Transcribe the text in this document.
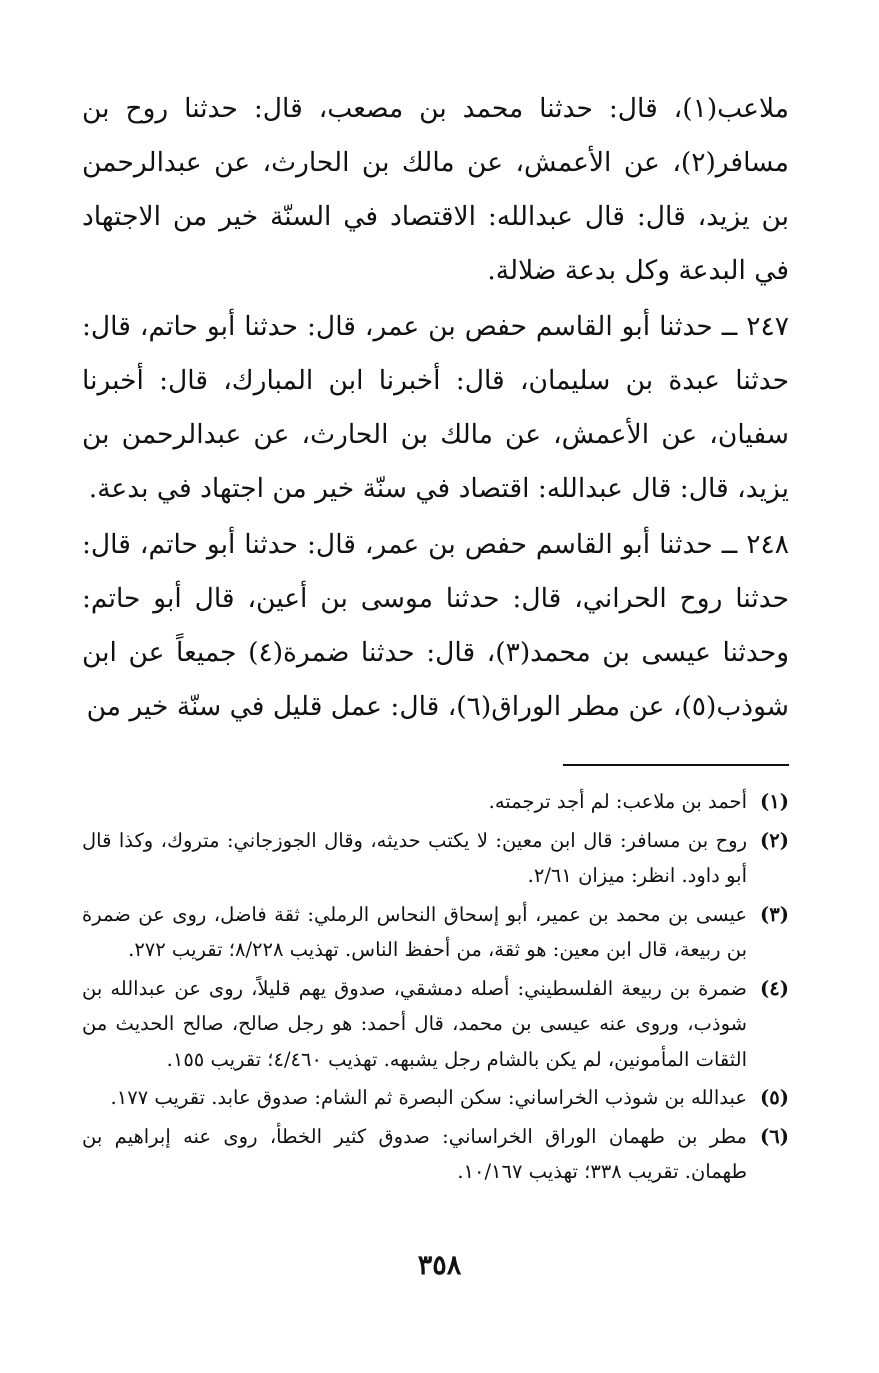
ملاعب(١)، قال: حدثنا محمد بن مصعب، قال: حدثنا روح بن مسافر(٢)، عن الأعمش، عن مالك بن الحارث، عن عبدالرحمن بن يزيد، قال: قال عبدالله: الاقتصاد في السنّة خير من الاجتهاد في البدعة وكل بدعة ضلالة.

٢٤٧ ــ حدثنا أبو القاسم حفص بن عمر، قال: حدثنا أبو حاتم، قال: حدثنا عبدة بن سليمان، قال: أخبرنا ابن المبارك، قال: أخبرنا سفيان، عن الأعمش، عن مالك بن الحارث، عن عبدالرحمن بن يزيد، قال: قال عبدالله: اقتصاد في سنّة خير من اجتهاد في بدعة.

٢٤٨ ــ حدثنا أبو القاسم حفص بن عمر، قال: حدثنا أبو حاتم، قال: حدثنا روح الحراني، قال: حدثنا موسى بن أعين، قال أبو حاتم: وحدثنا عيسى بن محمد(٣)، قال: حدثنا ضمرة(٤) جميعاً عن ابن شوذب(٥)، عن مطر الوراق(٦)، قال: عمل قليل في سنّة خير من

(١)
أحمد بن ملاعب: لم أجد ترجمته.
(٢)
روح بن مسافر: قال ابن معين: لا يكتب حديثه، وقال الجوزجاني: متروك، وكذا قال أبو داود. انظر: ميزان ٢/٦١.
(٣)
عيسى بن محمد بن عمير، أبو إسحاق النحاس الرملي: ثقة فاضل، روى عن ضمرة بن ربيعة، قال ابن معين: هو ثقة، من أحفظ الناس. تهذيب ٨/٢٢٨؛ تقريب ٢٧٢.
(٤)
ضمرة بن ربيعة الفلسطيني: أصله دمشقي، صدوق يهم قليلاً، روى عن عبدالله بن شوذب، وروى عنه عيسى بن محمد، قال أحمد: هو رجل صالح، صالح الحديث من الثقات المأمونين، لم يكن بالشام رجل يشبهه. تهذيب ٤/٤٦٠؛ تقريب ١٥٥.
(٥)
عبدالله بن شوذب الخراساني: سكن البصرة ثم الشام: صدوق عابد. تقريب ١٧٧.
(٦)
مطر بن طهمان الوراق الخراساني: صدوق كثير الخطأ، روى عنه إبراهيم بن طهمان. تقريب ٣٣٨؛ تهذيب ١٠/١٦٧.
٣٥٨
